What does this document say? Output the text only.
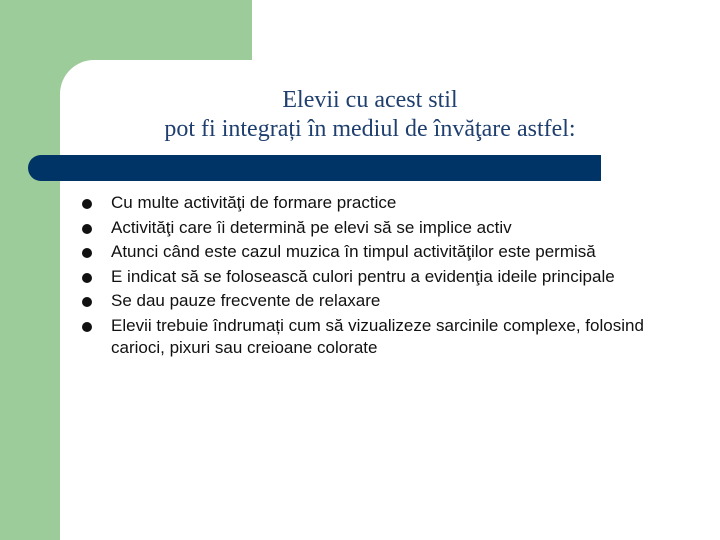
Elevii cu acest stil
pot fi integrați în mediul de învăţare astfel:
Cu multe activităţi de formare practice
Activităţi care îi determină pe elevi să se implice activ
Atunci când este cazul muzica în timpul activităţilor este permisă
E indicat să se folosească culori pentru a evidenţia ideile principale
Se dau pauze frecvente de relaxare
Elevii trebuie îndrumați cum să vizualizeze sarcinile complexe, folosind carioci, pixuri sau creioane colorate
